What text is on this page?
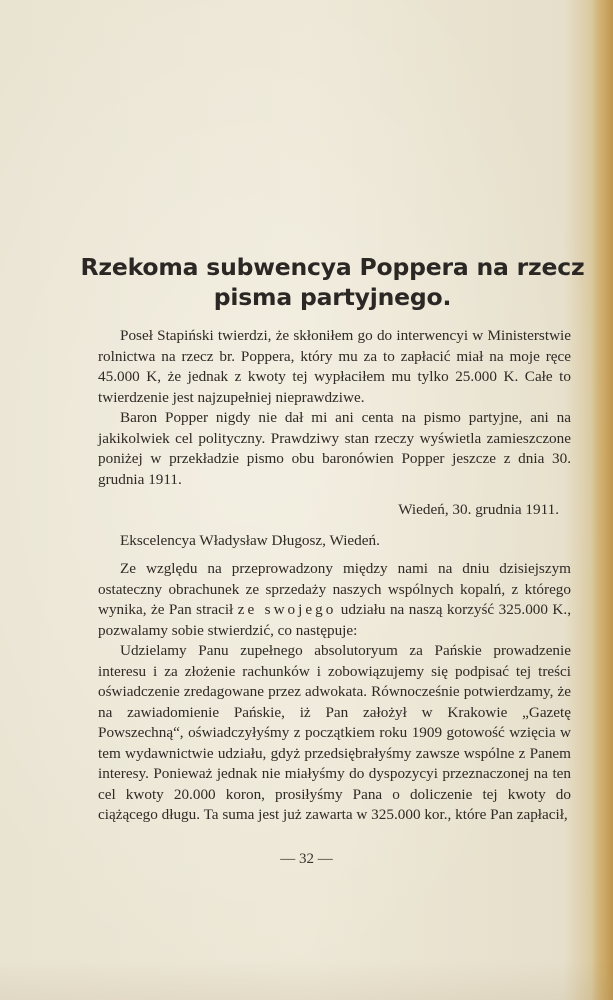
Rzekoma subwencya Poppera na rzecz
pisma partyjnego.

Poseł Stapiński twierdzi, że skłoniłem go do interwencyi w Ministerstwie rolnictwa na rzecz br. Poppera, który mu za to zapłacić miał na moje ręce 45.000 K, że jednak z kwoty tej wypłaciłem mu tylko 25.000 K. Całe to twierdzenie jest najzupełniej nieprawdziwe.

Baron Popper nigdy nie dał mi ani centa na pismo partyjne, ani na jakikolwiek cel polityczny. Prawdziwy stan rzeczy wyświetla zamieszczone poniżej w przekładzie pismo obu baronówien Popper jeszcze z dnia 30. grudnia 1911.

Wiedeń, 30. grudnia 1911.

Ekscelencya Władysław Długosz, Wiedeń.

Ze względu na przeprowadzony między nami na dniu dzisiejszym ostateczny obrachunek ze sprzedaży naszych wspólnych kopalń, z którego wynika, że Pan stracił ze swojego udziału na naszą korzyść 325.000 K., pozwalamy sobie stwierdzić, co następuje:

Udzielamy Panu zupełnego absolutoryum za Pańskie prowadzenie interesu i za złożenie rachunków i zobowiązujemy się podpisać tej treści oświadczenie zredagowane przez adwokata. Równocześnie potwierdzamy, że na zawiadomienie Pańskie, iż Pan założył w Krakowie „Gazetę Powszechną“, oświadczyłyśmy z początkiem roku 1909 gotowość wzięcia w tem wydawnictwie udziału, gdyż przedsiębrałyśmy zawsze wspólne z Panem interesy. Ponieważ jednak nie miałyśmy do dyspozycyi przeznaczonej na ten cel kwoty 20.000 koron, prosiłyśmy Pana o doliczenie tej kwoty do ciążącego długu. Ta suma jest już zawarta w 325.000 kor., które Pan zapłacił,

— 32 —
